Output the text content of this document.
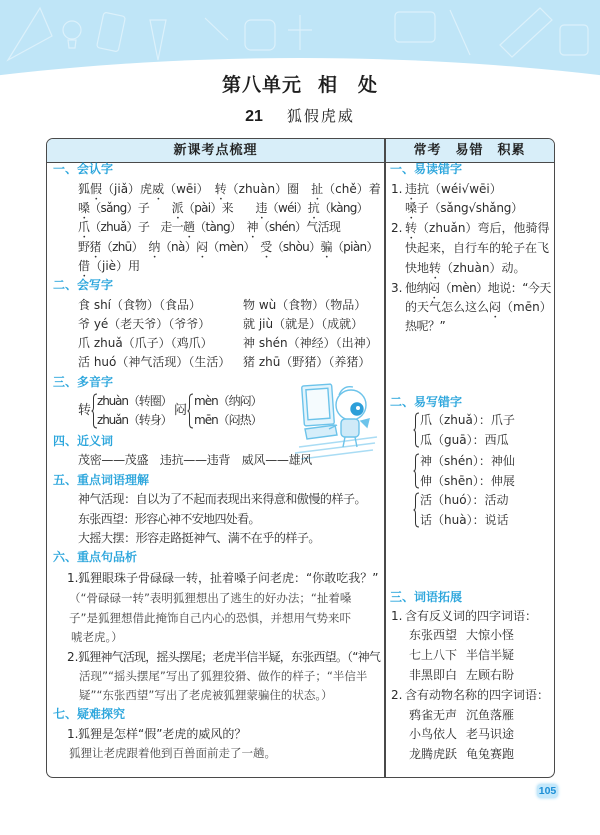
第八单元 相　处
21 狐假虎威
新课考点梳理	常考　易错　积累
一、会认字
狐假（jiǎ）虎威（wēi）　转（zhuàn）圈　扯（chě）着
嗓（sǎng）子　　派（pài）来　　违（wéi）抗（kàng）
爪（zhuǎ）子　走一趟（tàng）　神（shén）气活现
野猪（zhū）　纳（nà）闷（mèn）　受（shòu）骗（piàn）
借（jiè）用
二、会写字
食 shí（食物）（食品）	物 wù（食物）（物品）
爷 yé（老天爷）（爷爷）	就 jiù（就是）（成就）
爪 zhuǎ（爪子）（鸡爪）	神 shén（神经）（出神）
活 huó（神气活现）（生活）	猪 zhū（野猪）（养猪）
三、多音字
转
zhuàn（转圈）
zhuǎn（转身）
闷
mèn（纳闷）
mēn（闷热）
四、近义词
茂密——茂盛　违抗——违背　威风——雄风
五、重点词语理解
神气活现：自以为了不起而表现出来得意和傲慢的样子。
东张西望：形容心神不安地四处看。
大摇大摆：形容走路挺神气、满不在乎的样子。
六、重点句品析
1. 狐狸眼珠子骨碌碌一转，扯着嗓子问老虎：“你敢吃我？”
（“骨碌碌一转”表明狐狸想出了逃生的好办法；“扯着嗓
子”是狐狸想借此掩饰自己内心的恐惧，并想用气势来吓
唬老虎。）
2. 狐狸神气活现，摇头摆尾；老虎半信半疑，东张西望。（“神气
活现”“摇头摆尾”写出了狐狸狡猾、做作的样子；“半信半
疑”“东张西望”写出了老虎被狐狸蒙骗住的状态。）
七、疑难探究
1. 狐狸是怎样“假”老虎的威风的？
狐狸让老虎跟着他到百兽面前走了一趟。
一、易读错字
1. 违抗（wéi√wēi）
嗓子（sǎng√shǎng）
2. 转（zhuǎn）弯后，他骑得
快起来，自行车的轮子在飞
快地转（zhuàn）动。
3. 他纳闷（mèn）地说：“今天
的天气怎么这么闷（mēn）
热呢？”
二、易写错字
爪（zhuǎ）：爪子
瓜（guā）：西瓜
神（shén）：神仙
伸（shēn）：伸展
活（huó）：活动
话（huà）：说话
三、词语拓展
1. 含有反义词的四字词语：
东张西望 大惊小怪
七上八下 半信半疑
非黑即白 左顾右盼
2. 含有动物名称的四字词语：
鸦雀无声 沉鱼落雁
小鸟依人 老马识途
龙腾虎跃 龟兔赛跑
105
